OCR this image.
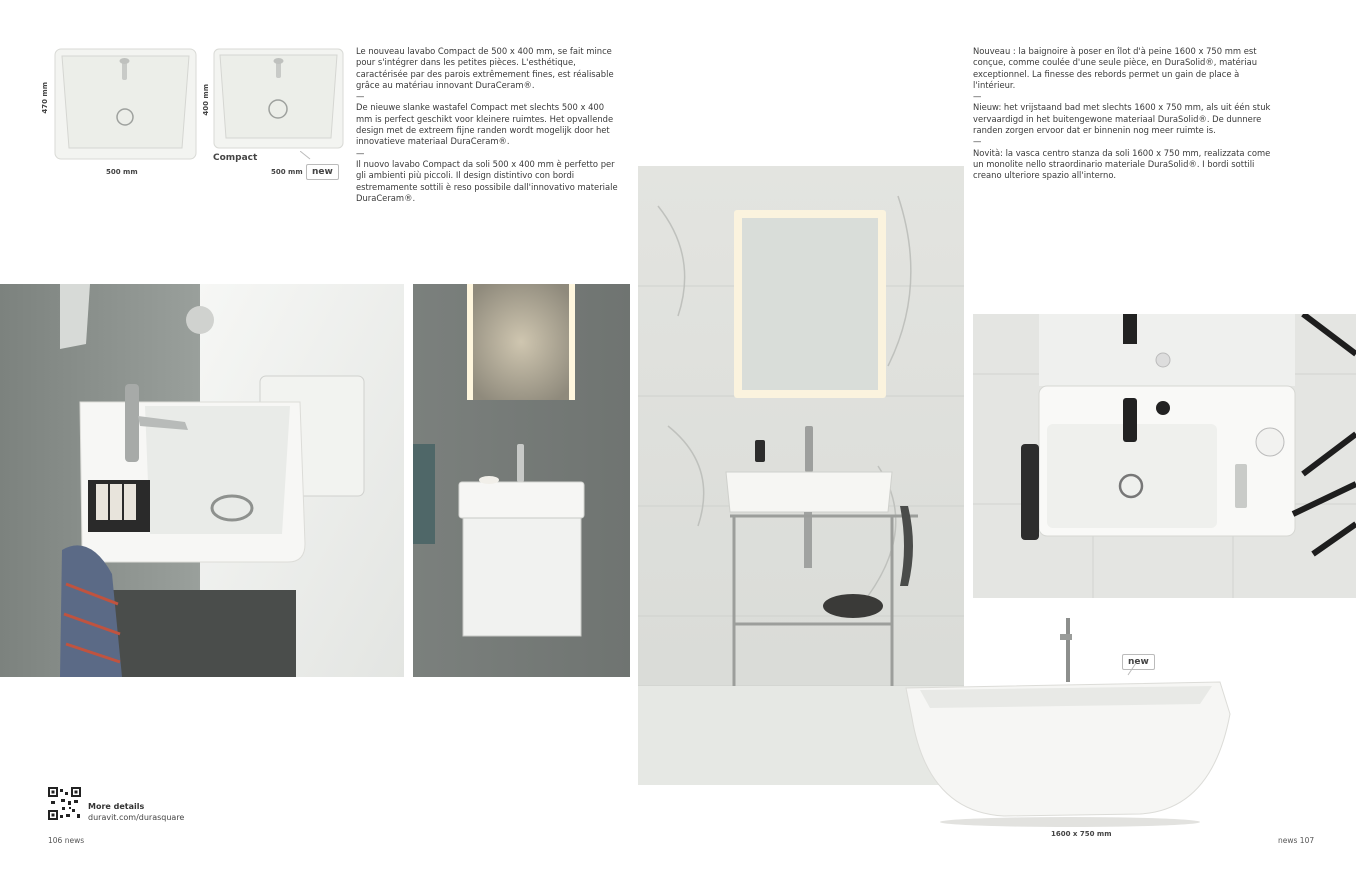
470 mm
500 mm
400 mm
Compact
500 mm	new

Le nouveau lavabo Compact de 500 x 400 mm, se fait mince pour s'intégrer dans les petites pièces. L'esthétique, caractérisée par des parois extrêmement fines, est réalisable grâce au matériau innovant DuraCeram®.

—

De nieuwe slanke wastafel Compact met slechts 500 x 400 mm is perfect geschikt voor kleinere ruimtes. Het opvallende design met de extreem fijne randen wordt mogelijk door het innovatieve materiaal DuraCeram®.

—

Il nuovo lavabo Compact da soli 500 x 400 mm è perfetto per gli ambienti più piccoli. Il design distintivo con bordi estremamente sottili è reso possibile dall'innovativo materiale DuraCeram®.

Nouveau : la baignoire à poser en îlot d'à peine 1600 x 750 mm est conçue, comme coulée d'une seule pièce, en DuraSolid®, matériau exceptionnel. La finesse des rebords permet un gain de place à l'intérieur.

—

Nieuw: het vrijstaand bad met slechts 1600 x 750 mm, als uit één stuk vervaardigd in het buitengewone materiaal DuraSolid®. De dunnere randen zorgen ervoor dat er binnenin nog meer ruimte is.

—

Novità: la vasca centro stanza da soli 1600 x 750 mm, realizzata come un monolite nello straordinario materiale DuraSolid®. I bordi sottili creano ulteriore spazio all'interno.

new
1600 x 750 mm
More details
duravit.com/durasquare
106 news	news 107
